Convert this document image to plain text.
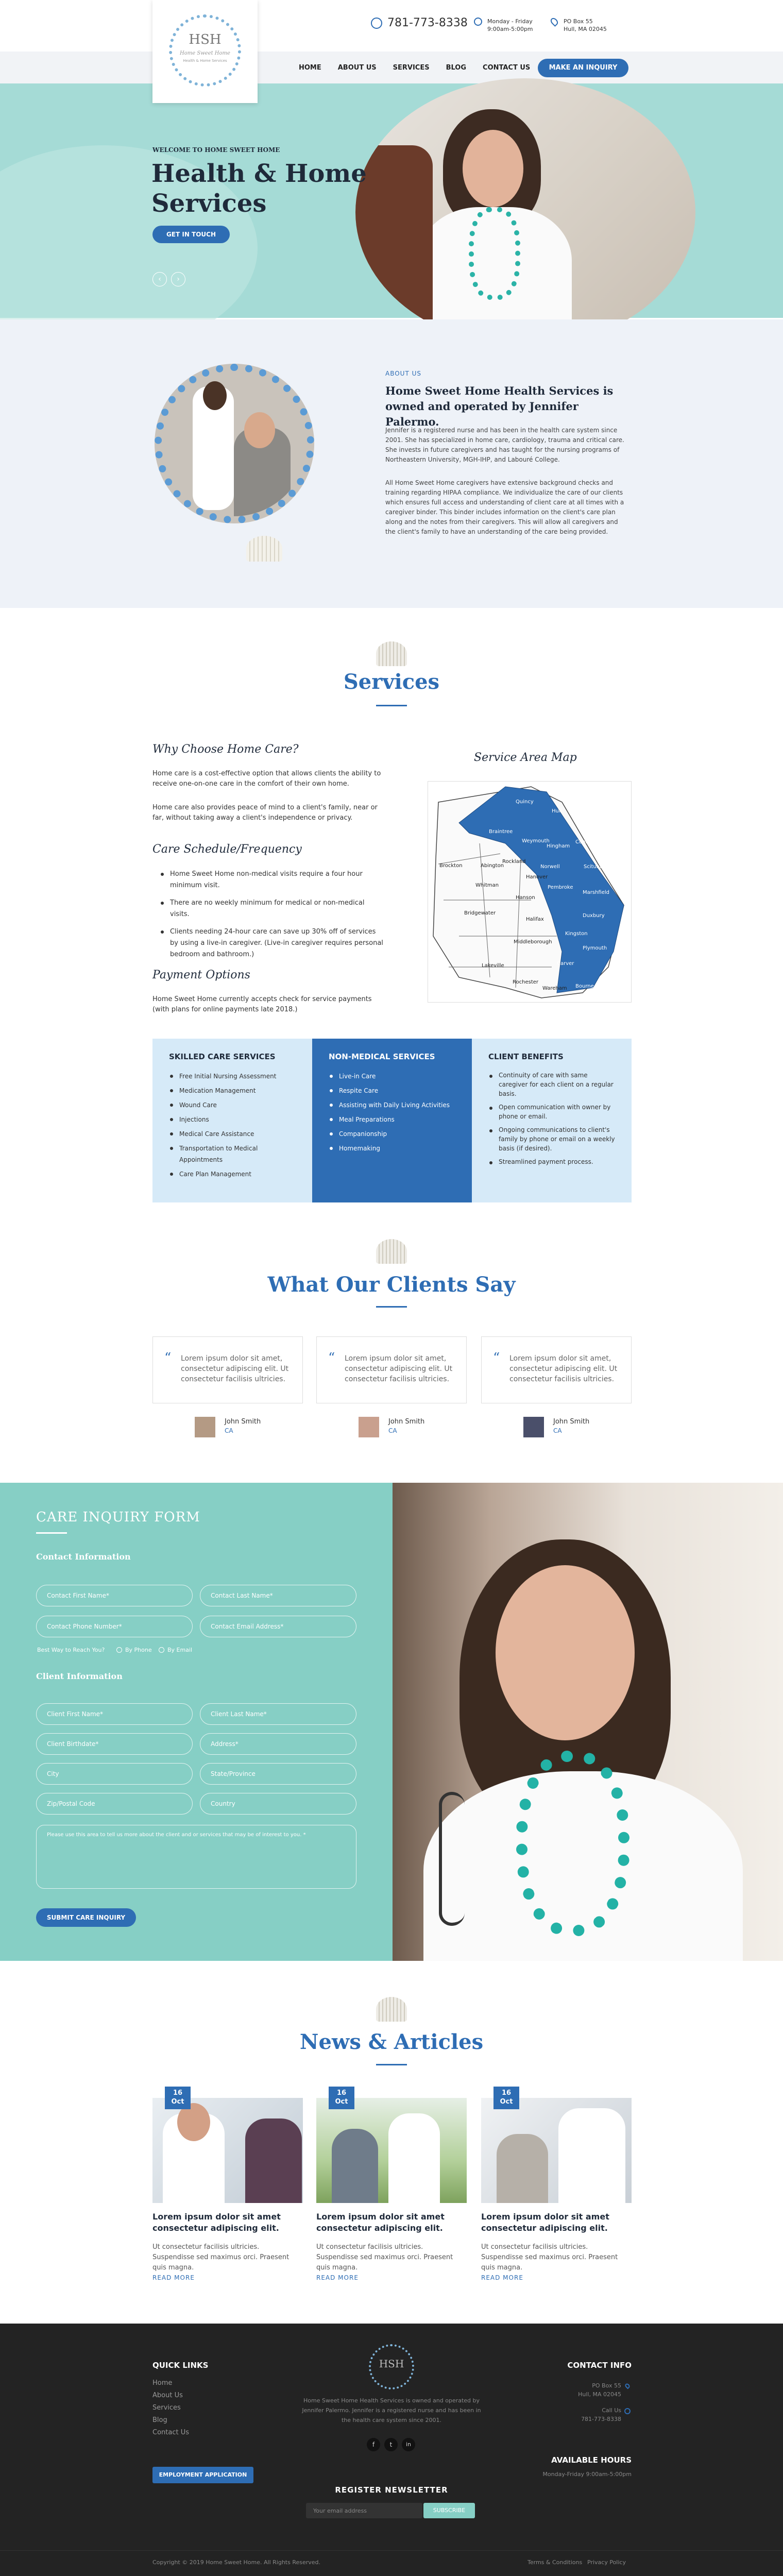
781-773-8338	Monday - Friday
9:00am-5:00pm
PO Box 55
Hull, MA 02045
HSH
Home Sweet Home
Health & Home Services
HOME ABOUT US SERVICES BLOG CONTACT US	MAKE AN INQUIRY
WELCOME TO HOME SWEET HOME
Health & Home
Services
GET IN TOUCH
‹	›
ABOUT US
Home Sweet Home Health Services is owned and operated by Jennifer Palermo.
Jennifer is a registered nurse and has been in the health care system since 2001. She has specialized in home care, cardiology, trauma and critical care. She invests in future caregivers and has taught for the nursing programs of Northeastern University, MGH-IHP, and Labouré College.
All Home Sweet Home caregivers have extensive background checks and training regarding HIPAA compliance. We individualize the care of our clients which ensures full access and understanding of client care at all times with a caregiver binder. This binder includes information on the client's care plan along and the notes from their caregivers. This will allow all caregivers and the client's family to have an understanding of the care being provided.
Services
Why Choose Home Care?
Home care is a cost-effective option that allows clients the ability to receive one-on-one care in the comfort of their own home.
Home care also provides peace of mind to a client's family, near or far, without taking away a client's independence or privacy.
Care Schedule/Frequency
Home Sweet Home non-medical visits require a four hour minimum visit.
There are no weekly minimum for medical or non-medical visits.
Clients needing 24-hour care can save up 30% off of services by using a live-in caregiver. (Live-in caregiver requires personal bedroom and bathroom.)
Payment Options
Home Sweet Home currently accepts check for service payments (with plans for online payments late 2018.)
Service Area Map
Hull
Quincy
Braintree
Weymouth
Hingham
Cohasset
Scituate
Brockton	Abington
Rockland
Norwell
Marshfield
Duxbury
Kingston
Plymouth
Carver
Pembroke
Hanover
Hanson
Halifax
Whitman
Middleborough
Bridgewater
Lakeville
Rochester
Wareham Bourne
SKILLED CARE SERVICES
Free Initial Nursing Assessment
Medication Management
Wound Care
Injections
Medical Care Assistance
Transportation to Medical Appointments
Care Plan Management
NON-MEDICAL SERVICES
Live-in Care
Respite Care
Assisting with Daily Living Activities
Meal Preparations
Companionship
Homemaking
CLIENT BENEFITS
Continuity of care with same caregiver for each client on a regular basis.
Open communication with owner by phone or email.
Ongoing communications to client's family by phone or email on a weekly basis (if desired).
Streamlined payment process.
What Our Clients Say
“ Lorem ipsum dolor sit amet, consectetur adipiscing elit. Ut consectetur facilisis ultricies.
John Smith
CA
“ Lorem ipsum dolor sit amet, consectetur adipiscing elit. Ut consectetur facilisis ultricies.
John Smith
CA
“ Lorem ipsum dolor sit amet, consectetur adipiscing elit. Ut consectetur facilisis ultricies.
John Smith
CA
CARE INQUIRY FORM
Contact Information
Contact First Name*	Contact Last Name*
Contact Phone Number*	Contact Email Address*
Best Way to Reach You?	By Phone	By Email
Client Information
Client First Name*	Client Last Name*
Client Birthdate*	Address*
City	State/Province
Zip/Postal Code	Country
Please use this area to tell us more about the client and or services that may be of interest to you. *
SUBMIT CARE INQUIRY
News & Articles
16
Oct
Lorem ipsum dolor sit amet consectetur adipiscing elit.
Ut consectetur facilisis ultricies. Suspendisse sed maximus orci. Praesent quis magna.
READ MORE
16
Oct
Lorem ipsum dolor sit amet consectetur adipiscing elit.
Ut consectetur facilisis ultricies. Suspendisse sed maximus orci. Praesent quis magna.
READ MORE
16
Oct
Lorem ipsum dolor sit amet consectetur adipiscing elit.
Ut consectetur facilisis ultricies. Suspendisse sed maximus orci. Praesent quis magna.
READ MORE
QUICK LINKS
Home
About Us
Services
Blog
Contact Us
EMPLOYMENT APPLICATION
HSH
Home Sweet Home Health Services is owned and operated by Jennifer Palermo. Jennifer is a registered nurse and has been in the health care system since 2001.
f	t	in
CONTACT INFO
PO Box 55
Hull, MA 02045
Call Us
781-773-8338
AVAILABLE HOURS
Monday-Friday 9:00am-5:00pm
REGISTER NEWSLETTER
Your email address	SUBSCRIBE
Copyright © 2019 Home Sweet Home. All Rights Reserved.	Terms & Conditions Privacy Policy
